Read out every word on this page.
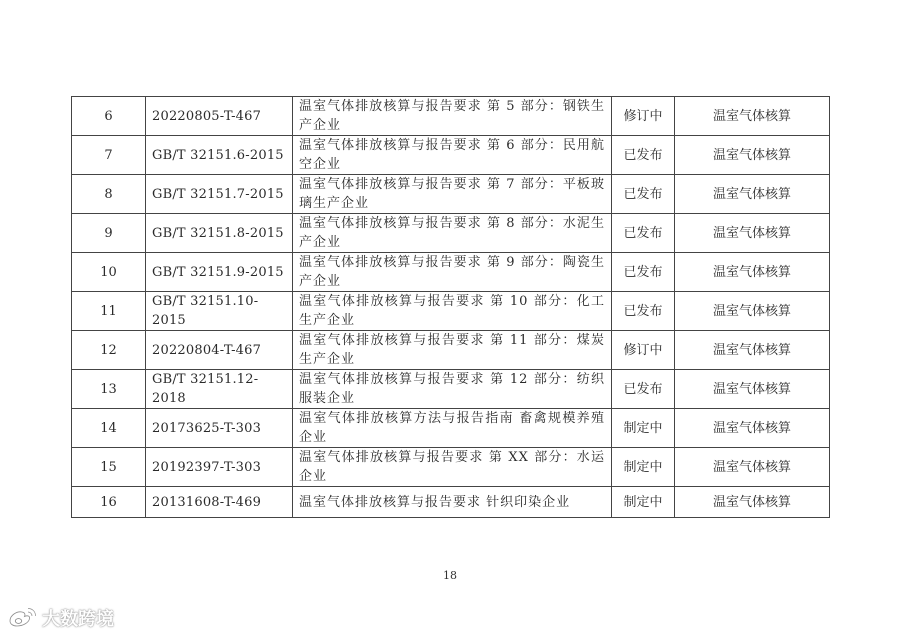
6	20220805-T-467	温室气体排放核算与报告要求 第 5 部分：钢铁生产企业	修订中	温室气体核算
7	GB/T 32151.6-2015	温室气体排放核算与报告要求 第 6 部分：民用航空企业	已发布	温室气体核算
8	GB/T 32151.7-2015	温室气体排放核算与报告要求 第 7 部分：平板玻璃生产企业	已发布	温室气体核算
9	GB/T 32151.8-2015	温室气体排放核算与报告要求 第 8 部分：水泥生产企业	已发布	温室气体核算
10	GB/T 32151.9-2015	温室气体排放核算与报告要求 第 9 部分：陶瓷生产企业	已发布	温室气体核算
11	GB/T 32151.10-2015	温室气体排放核算与报告要求 第 10 部分：化工生产企业	已发布	温室气体核算
12	20220804-T-467	温室气体排放核算与报告要求 第 11 部分：煤炭生产企业	修订中	温室气体核算
13	GB/T 32151.12-2018	温室气体排放核算与报告要求 第 12 部分：纺织服装企业	已发布	温室气体核算
14	20173625-T-303	温室气体排放核算方法与报告指南 畜禽规模养殖企业	制定中	温室气体核算
15	20192397-T-303	温室气体排放核算与报告要求 第 XX 部分：水运企业	制定中	温室气体核算
16	20131608-T-469	温室气体排放核算与报告要求 针织印染企业	制定中	温室气体核算
18
大数跨境
